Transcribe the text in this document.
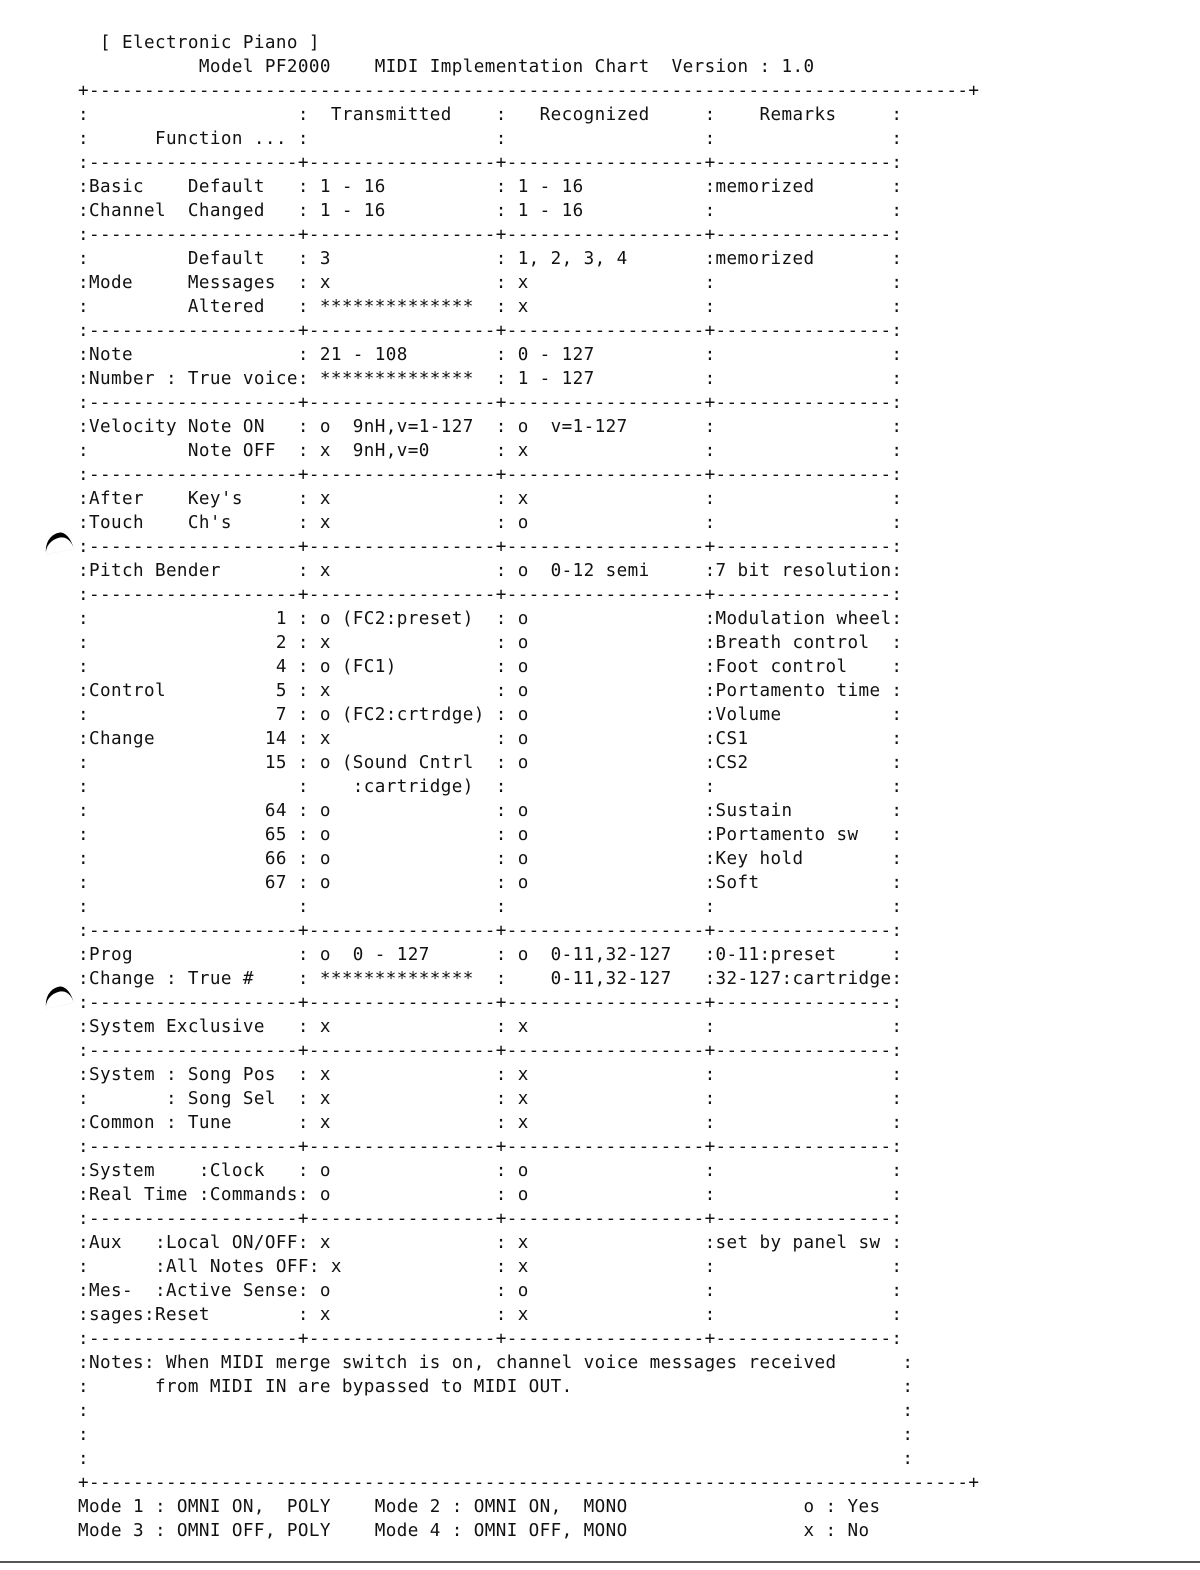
[ Electronic Piano ]
Model PF2000    MIDI Implementation Chart  Version : 1.0
+--------------------------------------------------------------------------------+
:                   :  Transmitted    :   Recognized     :    Remarks     :
:      Function ... :                 :                  :                :
:-------------------+-----------------+------------------+----------------:
:Basic    Default   : 1 - 16          : 1 - 16           :memorized       :
:Channel  Changed   : 1 - 16          : 1 - 16           :                :
:-------------------+-----------------+------------------+----------------:
:         Default   : 3               : 1, 2, 3, 4       :memorized       :
:Mode     Messages  : x               : x                :                :
:         Altered   : **************  : x                :                :
:-------------------+-----------------+------------------+----------------:
:Note               : 21 - 108        : 0 - 127          :                :
:Number : True voice: **************  : 1 - 127          :                :
:-------------------+-----------------+------------------+----------------:
:Velocity Note ON   : o  9nH,v=1-127  : o  v=1-127       :                :
:         Note OFF  : x  9nH,v=0      : x                :                :
:-------------------+-----------------+------------------+----------------:
:After    Key's     : x               : x                :                :
:Touch    Ch's      : x               : o                :                :
:-------------------+-----------------+------------------+----------------:
:Pitch Bender       : x               : o  0-12 semi     :7 bit resolution:
:-------------------+-----------------+------------------+----------------:
:                 1 : o (FC2:preset)  : o                :Modulation wheel:
:                 2 : x               : o                :Breath control  :
:                 4 : o (FC1)         : o                :Foot control    :
:Control          5 : x               : o                :Portamento time :
:                 7 : o (FC2:crtrdge) : o                :Volume          :
:Change          14 : x               : o                :CS1             :
:                15 : o (Sound Cntrl  : o                :CS2             :
:                   :    :cartridge)  :                  :                :
:                64 : o               : o                :Sustain         :
:                65 : o               : o                :Portamento sw   :
:                66 : o               : o                :Key hold        :
:                67 : o               : o                :Soft            :
:                   :                 :                  :                :
:-------------------+-----------------+------------------+----------------:
:Prog               : o  0 - 127      : o  0-11,32-127   :0-11:preset     :
:Change : True #    : **************  :    0-11,32-127   :32-127:cartridge:
:-------------------+-----------------+------------------+----------------:
:System Exclusive   : x               : x                :                :
:-------------------+-----------------+------------------+----------------:
:System : Song Pos  : x               : x                :                :
:       : Song Sel  : x               : x                :                :
:Common : Tune      : x               : x                :                :
:-------------------+-----------------+------------------+----------------:
:System    :Clock   : o               : o                :                :
:Real Time :Commands: o               : o                :                :
:-------------------+-----------------+------------------+----------------:
:Aux   :Local ON/OFF: x               : x                :set by panel sw :
:      :All Notes OFF: x              : x                :                :
:Mes-  :Active Sense: o               : o                :                :
:sages:Reset        : x               : x                :                :
:-------------------+-----------------+------------------+----------------:
:Notes: When MIDI merge switch is on, channel voice messages received      :
:      from MIDI IN are bypassed to MIDI OUT.                              :
:                                                                          :
:                                                                          :
:                                                                          :
+--------------------------------------------------------------------------------+
Mode 1 : OMNI ON,  POLY    Mode 2 : OMNI ON,  MONO                o : Yes
Mode 3 : OMNI OFF, POLY    Mode 4 : OMNI OFF, MONO                x : No
